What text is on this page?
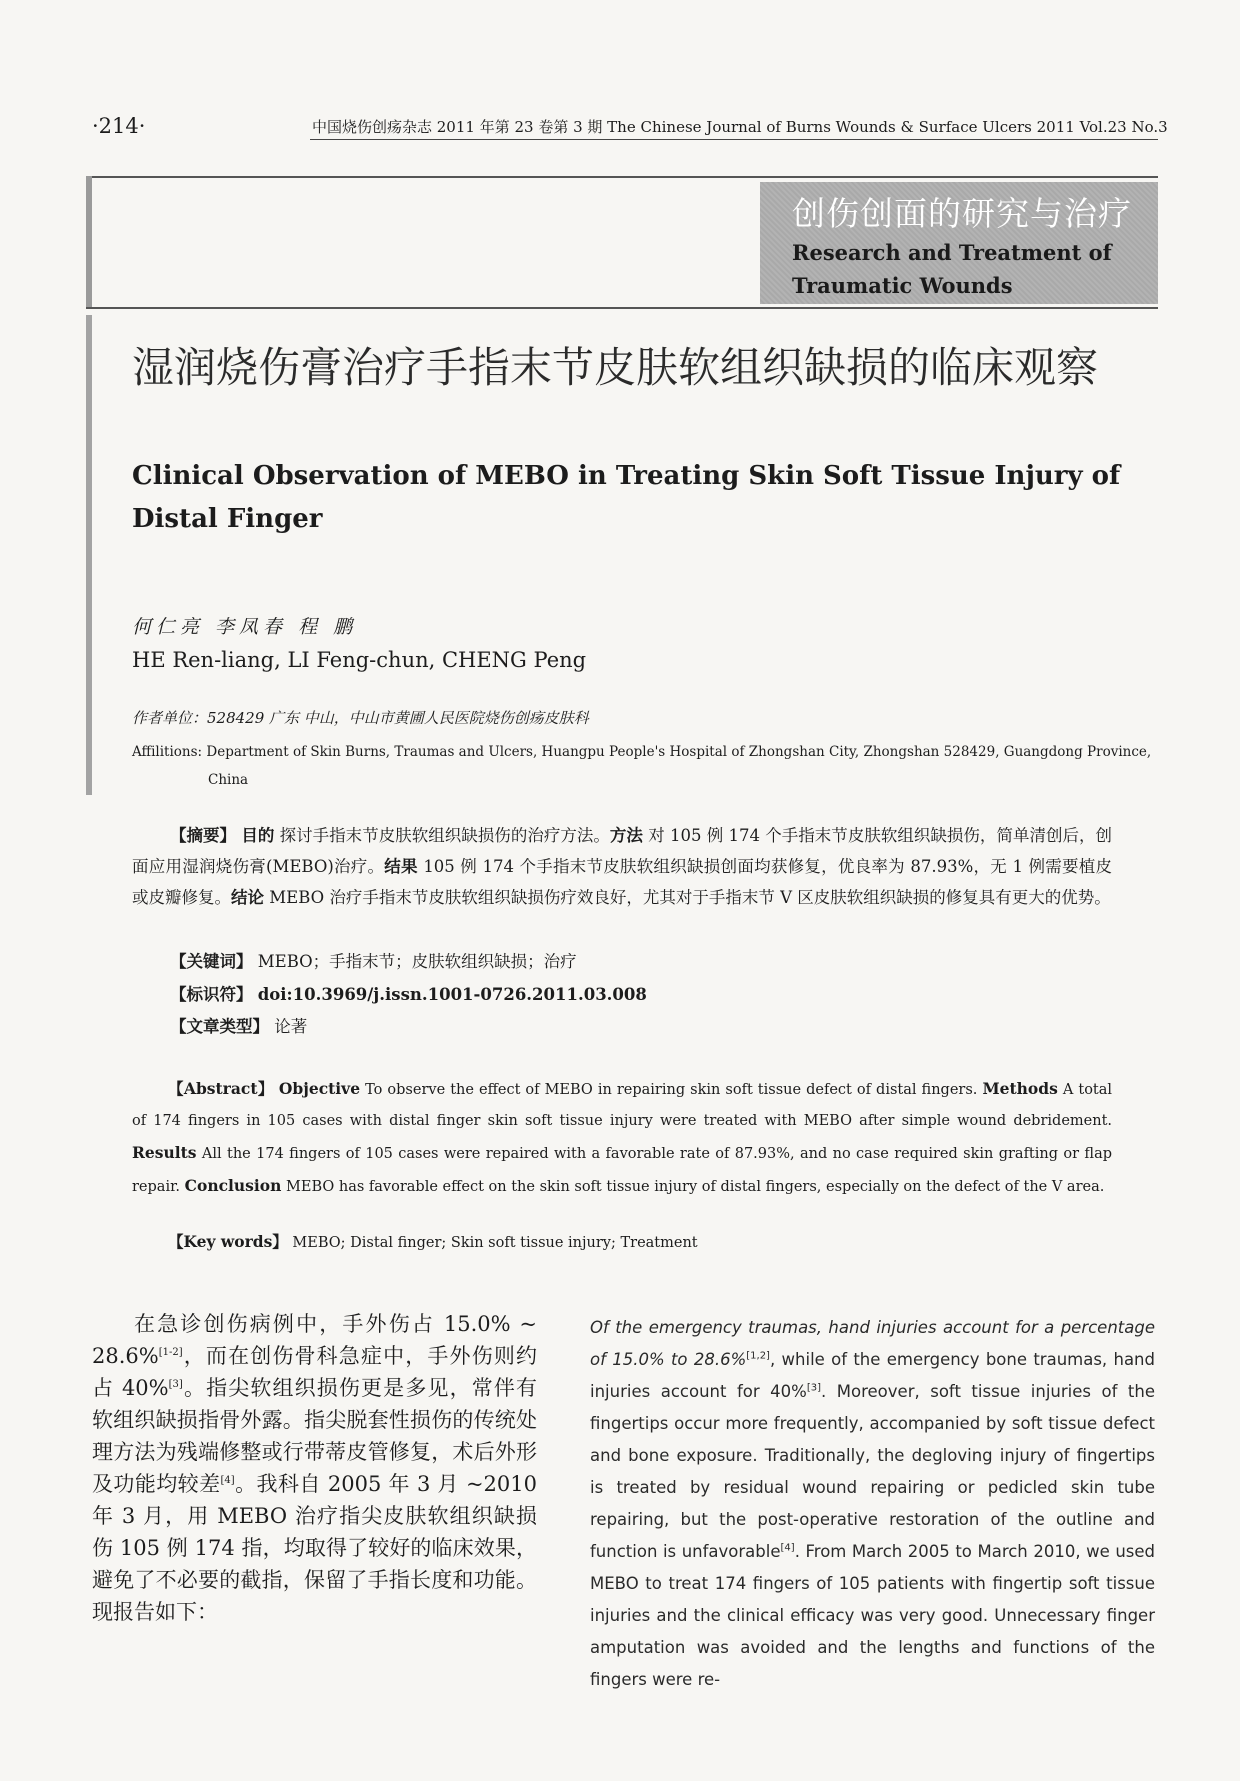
·214·	中国烧伤创疡杂志 2011 年第 23 卷第 3 期 The Chinese Journal of Burns Wounds & Surface Ulcers 2011 Vol.23 No.3
创伤创面的研究与治疗
Research and Treatment of Traumatic Wounds
湿润烧伤膏治疗手指末节皮肤软组织缺损的临床观察
Clinical Observation of MEBO in Treating Skin Soft Tissue Injury of Distal Finger
何仁亮 李凤春 程 鹏
HE Ren-liang, LI Feng-chun, CHENG Peng
作者单位：528429 广东 中山，中山市黄圃人民医院烧伤创疡皮肤科
Affilitions: Department of Skin Burns, Traumas and Ulcers, Huangpu People's Hospital of Zhongshan City, Zhongshan 528429, Guangdong Province, China
【摘要】 目的 探讨手指末节皮肤软组织缺损伤的治疗方法。方法 对 105 例 174 个手指末节皮肤软组织缺损伤，简单清创后，创面应用湿润烧伤膏(MEBO)治疗。结果 105 例 174 个手指末节皮肤软组织缺损创面均获修复，优良率为 87.93%，无 1 例需要植皮或皮瓣修复。结论 MEBO 治疗手指末节皮肤软组织缺损伤疗效良好，尤其对于手指末节 V 区皮肤软组织缺损的修复具有更大的优势。
【关键词】 MEBO；手指末节；皮肤软组织缺损；治疗
【标识符】 doi:10.3969/j.issn.1001-0726.2011.03.008
【文章类型】 论著
【Abstract】 Objective To observe the effect of MEBO in repairing skin soft tissue defect of distal fingers. Methods A total of 174 fingers in 105 cases with distal finger skin soft tissue injury were treated with MEBO after simple wound debridement. Results All the 174 fingers of 105 cases were repaired with a favorable rate of 87.93%, and no case required skin grafting or flap repair. Conclusion MEBO has favorable effect on the skin soft tissue injury of distal fingers, especially on the defect of the V area.
【Key words】 MEBO; Distal finger; Skin soft tissue injury; Treatment

在急诊创伤病例中，手外伤占 15.0% ~ 28.6%[1-2]，而在创伤骨科急症中，手外伤则约占 40%[3]。指尖软组织损伤更是多见，常伴有软组织缺损指骨外露。指尖脱套性损伤的传统处理方法为残端修整或行带蒂皮管修复，术后外形及功能均较差[4]。我科自 2005 年 3 月 ~2010 年 3 月，用 MEBO 治疗指尖皮肤软组织缺损伤 105 例 174 指，均取得了较好的临床效果，避免了不必要的截指，保留了手指长度和功能。现报告如下：

Of the emergency traumas, hand injuries account for a percentage of 15.0% to 28.6%[1,2], while of the emergency bone traumas, hand injuries account for 40%[3]. Moreover, soft tissue injuries of the fingertips occur more frequently, accompanied by soft tissue defect and bone exposure. Traditionally, the degloving injury of fingertips is treated by residual wound repairing or pedicled skin tube repairing, but the post-operative restoration of the outline and function is unfavorable[4]. From March 2005 to March 2010, we used MEBO to treat 174 fingers of 105 patients with fingertip soft tissue injuries and the clinical efficacy was very good. Unnecessary finger amputation was avoided and the lengths and functions of the fingers were re-
